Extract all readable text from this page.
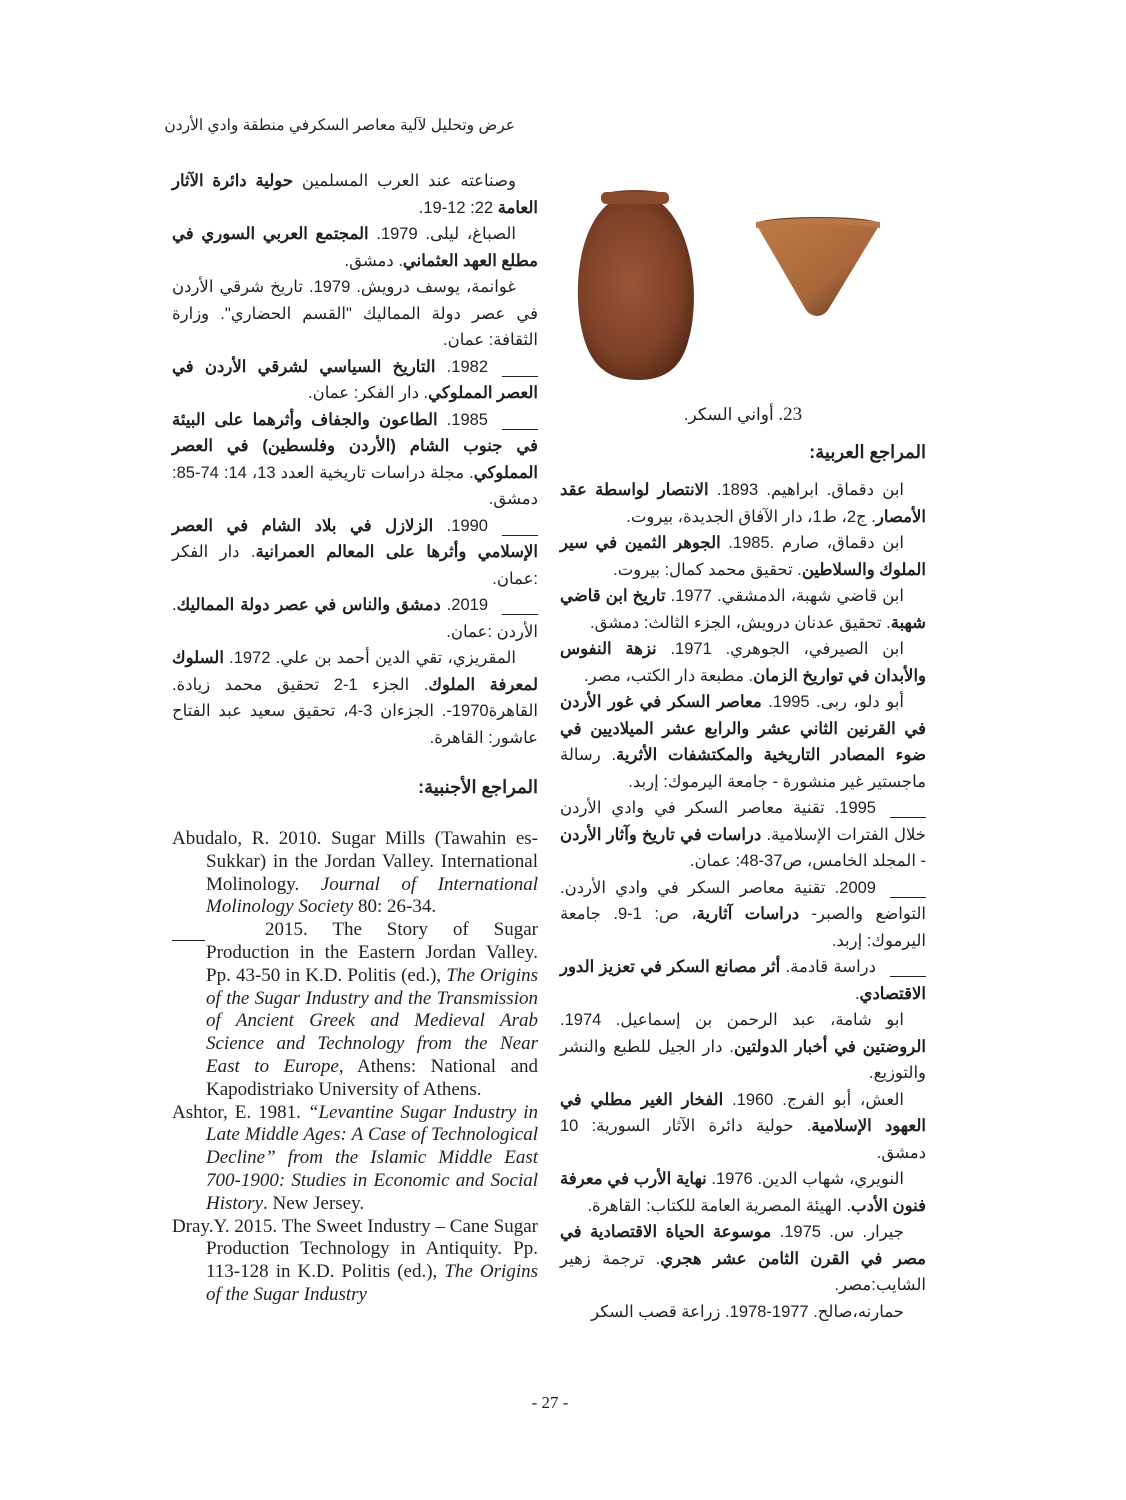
عرض وتحليل لآلية معاصر السكرفي منطقة وادي الأردن

وصناعته عند العرب المسلمين حولية دائرة الآثار العامة 22: 12-19.

الصباغ، ليلى. 1979. المجتمع العربي السوري في مطلع العهد العثماني. دمشق.

غوانمة، يوسف درويش. 1979. تاريخ شرقي الأردن في عصر دولة المماليك "القسم الحضاري". وزارة الثقافة: عمان.

1982. التاريخ السياسي لشرقي الأردن في العصر المملوكي. دار الفكر: عمان.

1985. الطاعون والجفاف وأثرهما على البيئة في جنوب الشام (الأردن وفلسطين) في العصر المملوكي. مجلة دراسات تاريخية العدد 13، 14: 74-85: دمشق.

1990. الزلازل في بلاد الشام في العصر الإسلامي وأثرها على المعالم العمرانية. دار الفكر :عمان.

2019. دمشق والناس في عصر دولة المماليك. الأردن :عمان.

المقريزي، تقي الدين أحمد بن علي. 1972. السلوك لمعرفة الملوك. الجزء 1-2 تحقيق محمد زيادة. القاهرة1970-. الجزءان 3-4، تحقيق سعيد عبد الفتاح عاشور: القاهرة.

المراجع الأجنبية:

Abudalo, R. 2010. Sugar Mills (Tawahin es-Sukkar) in the Jordan Valley. International Molinology. Journal of International Molinology Society 80: 26-34.

2015. The Story of Sugar Production in the Eastern Jordan Valley. Pp. 43-50 in K.D. Politis (ed.), The Origins of the Sugar Industry and the Transmission of Ancient Greek and Medieval Arab Science and Technology from the Near East to Europe, Athens: National and Kapodistriako University of Athens.

Ashtor, E. 1981. “Levantine Sugar Industry in Late Middle Ages: A Case of Technological Decline” from the Islamic Middle East 700-1900: Studies in Economic and Social History. New Jersey.

Dray.Y. 2015. The Sweet Industry – Cane Sugar Production Technology in Antiquity. Pp. 113-128 in K.D. Politis (ed.), The Origins of the Sugar Industry

23. أواني السكر.
المراجع العربية:

ابن دقماق. ابراهيم. 1893. الانتصار لواسطة عقد الأمصار. ج2، ط1، دار الآفاق الجديدة، بيروت.

ابن دقماق، صارم .1985. الجوهر الثمين في سير الملوك والسلاطين. تحقيق محمد كمال: بيروت.

ابن قاضي شهبة، الدمشقي. 1977. تاريخ ابن قاضي شهبة. تحقيق عدنان درويش، الجزء الثالث: دمشق.

ابن الصيرفي، الجوهري. 1971. نزهة النفوس والأبدان في تواريخ الزمان. مطبعة دار الكتب، مصر.

أبو دلو، ربى. 1995. معاصر السكر في غور الأردن في القرنين الثاني عشر والرابع عشر الميلاديين في ضوء المصادر التاريخية والمكتشفات الأثرية. رسالة ماجستير غير منشورة - جامعة اليرموك: إربد.

1995. تقنية معاصر السكر في وادي الأردن خلال الفترات الإسلامية. دراسات في تاريخ وآثار الأردن - المجلد الخامس، ص37-48: عمان.

2009. تقنية معاصر السكر في وادي الأردن. التواضع والصبر- دراسات آثارية، ص: 1-9. جامعة اليرموك: إربد.

دراسة قادمة. أثر مصانع السكر في تعزيز الدور الاقتصادي.

ابو شامة، عبد الرحمن بن إسماعيل. 1974. الروضتين في أخبار الدولتين. دار الجيل للطبع والنشر والتوزيع.

العش، أبو الفرج. 1960. الفخار الغير مطلي في العهود الإسلامية. حولية دائرة الآثار السورية: 10 دمشق.

النويري، شهاب الدين. 1976. نهاية الأرب في معرفة فنون الأدب. الهيئة المصرية العامة للكتاب: القاهرة.

جيرار. س. 1975. موسوعة الحياة الاقتصادية في مصر في القرن الثامن عشر هجري. ترجمة زهير الشايب:مصر.

حمارنه،صالح. 1977-1978. زراعة قصب السكر

- 27 -
